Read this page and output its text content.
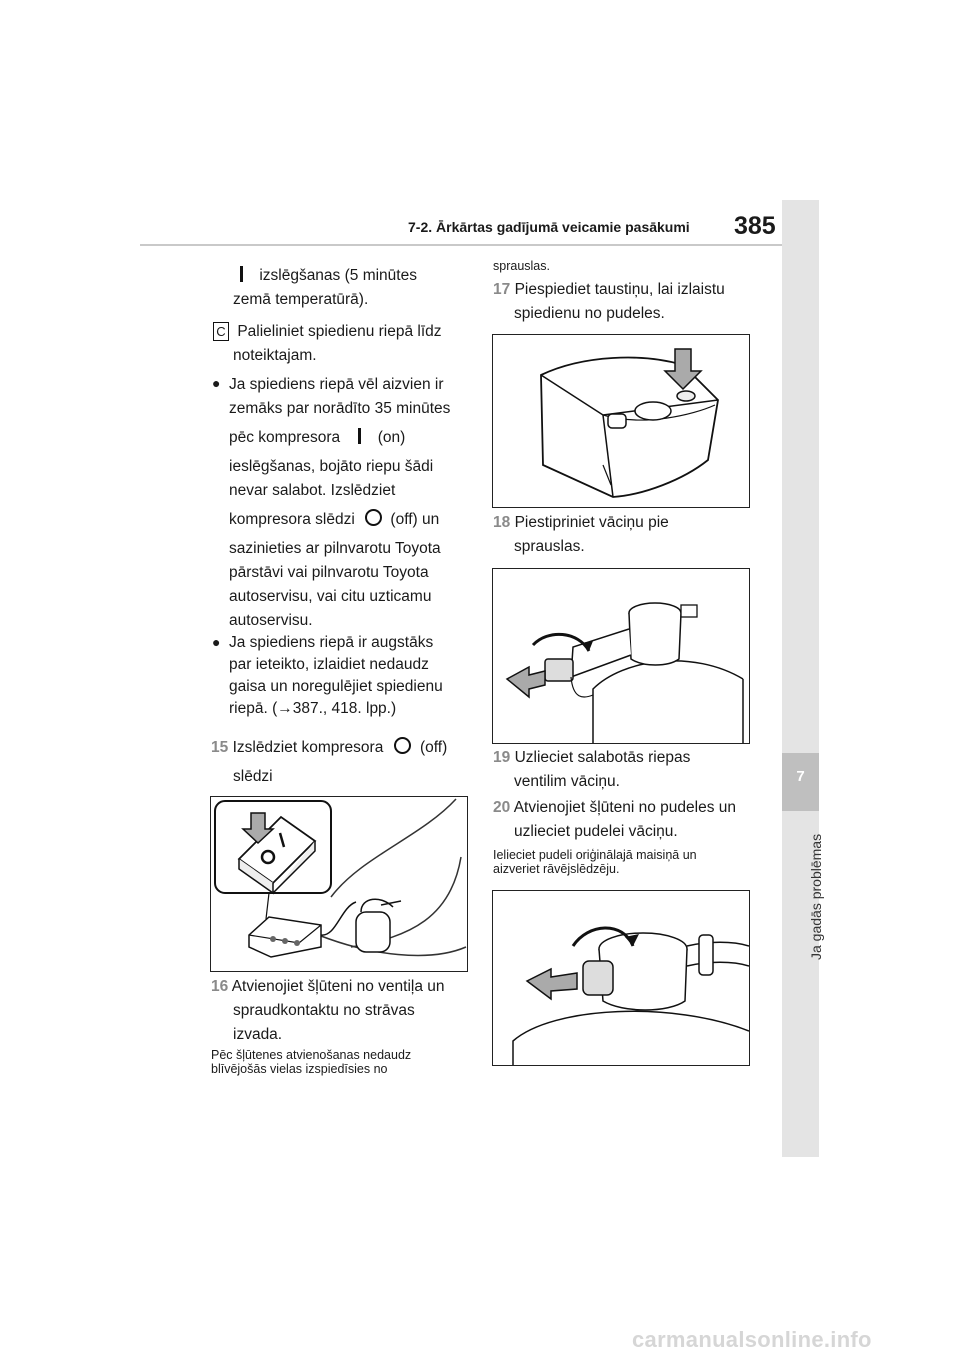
7-2. Ārkārtas gadījumā veicamie pasākumi 385
7
Ja gadās problēmas
izslēgšanas (5 minūtes
zemā temperatūrā).
C Palieliniet spiedienu riepā līdz
noteiktajam.
● Ja spiediens riepā vēl aizvien ir
zemāks par norādīto 35 minūtes
pēc kompresora (on)
ieslēgšanas, bojāto riepu šādi
nevar salabot. Izslēdziet
kompresora slēdzi (off) un
sazinieties ar pilnvarotu Toyota
pārstāvi vai pilnvarotu Toyota
autoservisu, vai citu uzticamu
autoservisu.
● Ja spiediens riepā ir augstāks
par ieteikto, izlaidiet nedaudz
gaisa un noregulējiet spiedienu
riepā. (→387., 418. lpp.)
15 Izslēdziet kompresora (off)
slēdzi
16 Atvienojiet šļūteni no ventiļa un
spraudkontaktu no strāvas
izvada.
Pēc šļūtenes atvienošanas nedaudz
blīvējošās vielas izspiedīsies no
sprauslas.
17 Piespiediet taustiņu, lai izlaistu
spiedienu no pudeles.
18 Piestipriniet vāciņu pie
sprauslas.
19 Uzlieciet salabotās riepas
ventilim vāciņu.
20 Atvienojiet šļūteni no pudeles un
uzlieciet pudelei vāciņu.
Ielieciet pudeli oriģinālajā maisiņā un
aizveriet rāvējslēdzēju.
carmanualsonline.info
